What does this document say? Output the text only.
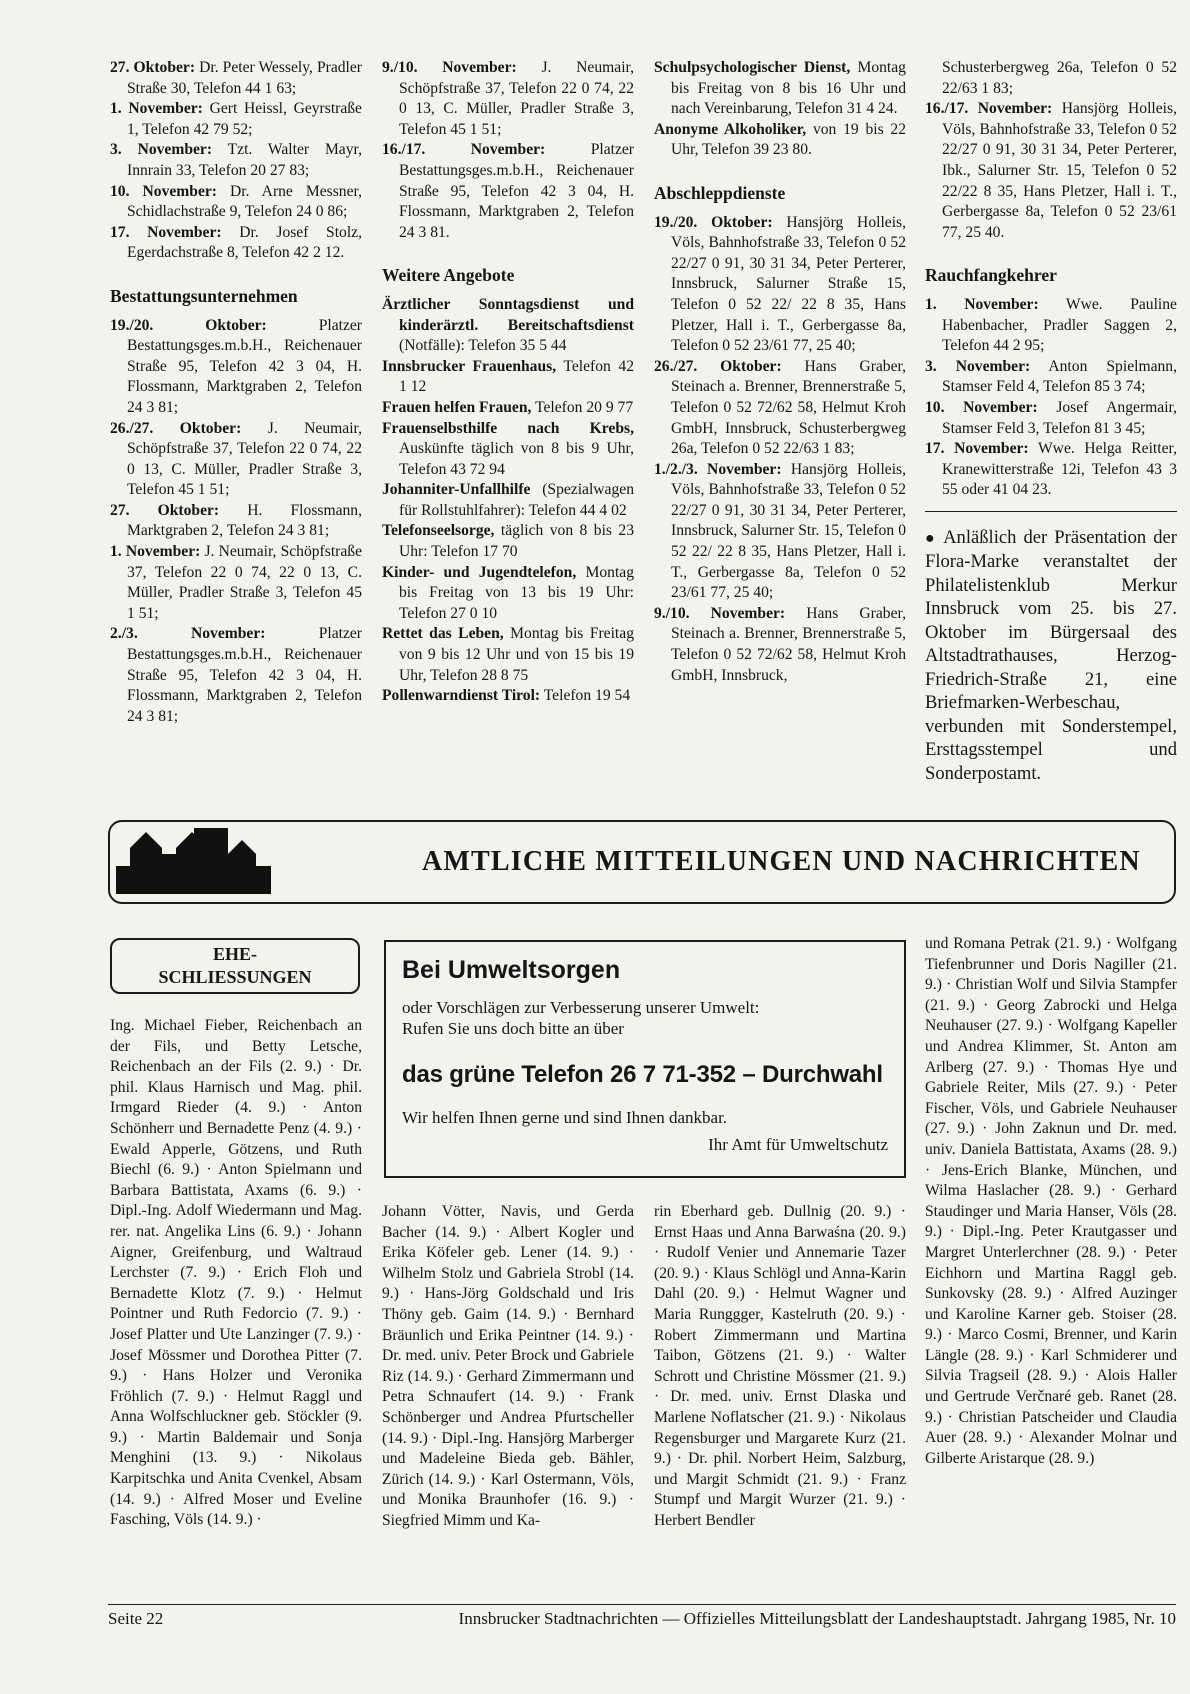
27. Oktober: Dr. Peter Wessely, Pradler Straße 30, Telefon 44 1 63;

1. November: Gert Heissl, Geyrstraße 1, Telefon 42 79 52;

3. November: Tzt. Walter Mayr, Innrain 33, Telefon 20 27 83;

10. November: Dr. Arne Messner, Schidlachstraße 9, Telefon 24 0 86;

17. November: Dr. Josef Stolz, Egerdachstraße 8, Telefon 42 2 12.

Bestattungsunternehmen

19./20. Oktober:	Platzer Bestattungsges.m.b.H., Reichenauer Straße 95, Telefon 42 3 04, H. Flossmann, Marktgraben 2, Telefon 24 3 81;

26./27. Oktober: J. Neumair, Schöpfstraße 37, Telefon 22 0 74, 22 0 13, C. Müller, Pradler Straße 3, Telefon 45 1 51;

27. Oktober: H. Flossmann, Marktgraben 2, Telefon 24 3 81;

1. November: J. Neumair, Schöpfstraße 37, Telefon 22 0 74, 22 0 13, C. Müller, Pradler Straße 3, Telefon 45 1 51;

2./3. November:	Platzer Bestattungsges.m.b.H., Reichenauer Straße 95, Telefon 42 3 04, H. Flossmann, Marktgraben 2, Telefon 24 3 81;

9./10. November: J. Neumair, Schöpfstraße 37, Telefon 22 0 74, 22 0 13, C. Müller, Pradler Straße 3, Telefon 45 1 51;

16./17. November:	Platzer Bestattungsges.m.b.H., Reichenauer Straße 95, Telefon 42 3 04, H. Flossmann, Marktgraben 2, Telefon 24 3 81.

Weitere Angebote

Ärztlicher Sonntagsdienst und kinderärztl. Bereitschaftsdienst (Notfälle): Telefon 35 5 44

Innsbrucker Frauenhaus, Telefon 42 1 12

Frauen helfen Frauen, Telefon 20 9 77

Frauenselbsthilfe nach Krebs, Auskünfte täglich von 8 bis 9 Uhr, Telefon 43 72 94

Johanniter-Unfallhilfe (Spezialwagen für Rollstuhlfahrer): Telefon 44 4 02

Telefonseelsorge, täglich von 8 bis 23 Uhr: Telefon 17 70

Kinder- und Jugendtelefon, Montag bis Freitag von 13 bis 19 Uhr: Telefon 27 0 10

Rettet das Leben, Montag bis Freitag von 9 bis 12 Uhr und von 15 bis 19 Uhr, Telefon 28 8 75

Pollenwarndienst Tirol: Telefon 19 54

Schulpsychologischer Dienst, Montag bis Freitag von 8 bis 16 Uhr und nach Vereinbarung, Telefon 31 4 24.

Anonyme Alkoholiker, von 19 bis 22 Uhr, Telefon 39 23 80.

Abschleppdienste

19./20. Oktober: Hansjörg Holleis, Völs, Bahnhofstraße 33, Telefon 0 52 22/27 0 91, 30 31 34, Peter Perterer, Innsbruck, Salurner Straße 15, Telefon 0 52 22/ 22 8 35, Hans Pletzer, Hall i. T., Gerbergasse 8a, Telefon 0 52 23/61 77, 25 40;

26./27. Oktober: Hans Graber, Steinach a. Brenner, Brennerstraße 5, Telefon 0 52 72/62 58, Helmut Kroh GmbH, Innsbruck, Schusterbergweg 26a, Telefon 0 52 22/63 1 83;

1./2./3. November: Hansjörg Holleis, Völs, Bahnhofstraße 33, Telefon 0 52 22/27 0 91, 30 31 34, Peter Perterer, Innsbruck, Salurner Str. 15, Telefon 0 52 22/ 22 8 35, Hans Pletzer, Hall i. T., Gerbergasse 8a, Telefon 0 52 23/61 77, 25 40;

9./10. November: Hans Graber, Steinach a. Brenner, Brennerstraße 5, Telefon 0 52 72/62 58, Helmut Kroh GmbH, Innsbruck,

Schusterbergweg 26a, Telefon 0 52 22/63 1 83;

16./17. November: Hansjörg Holleis, Völs, Bahnhofstraße 33, Telefon 0 52 22/27 0 91, 30 31 34, Peter Perterer, Ibk., Salurner Str. 15, Telefon 0 52 22/22 8 35, Hans Pletzer, Hall i. T., Gerbergasse 8a, Telefon 0 52 23/61 77, 25 40.

Rauchfangkehrer

1. November: Wwe. Pauline Habenbacher, Pradler Saggen 2, Telefon 44 2 95;

3. November: Anton Spielmann, Stamser Feld 4, Telefon 85 3 74;

10. November: Josef Angermair, Stamser Feld 3, Telefon 81 3 45;

17. November: Wwe. Helga Reitter, Kranewitterstraße 12i, Telefon 43 3 55 oder 41 04 23.

● Anläßlich der Präsentation der Flora-Marke veranstaltet der Philatelistenklub Merkur Innsbruck vom 25. bis 27. Oktober im Bürgersaal des Altstadtrathauses, Herzog-Friedrich-Straße 21, eine Briefmarken-Werbeschau, verbunden mit Sonderstempel, Ersttagsstempel und Sonderpostamt.

AMTLICHE MITTEILUNGEN UND NACHRICHTEN
EHE-
SCHLIESSUNGEN	Bei Umweltsorgen

oder Vorschlägen zur Verbesserung unserer Umwelt:

Rufen Sie uns doch bitte an über

das grüne Telefon 26 7 71-352 – Durchwahl

Wir helfen Ihnen gerne und sind Ihnen dankbar.

Ihr Amt für Umweltschutz

Ing. Michael Fieber, Reichenbach an der Fils, und Betty Letsche, Reichenbach an der Fils (2. 9.) · Dr. phil. Klaus Harnisch und Mag. phil. Irmgard Rieder (4. 9.) · Anton Schönherr und Bernadette Penz (4. 9.) · Ewald Apperle, Götzens, und Ruth Biechl (6. 9.) · Anton Spielmann und Barbara Battistata, Axams (6. 9.) · Dipl.-Ing. Adolf Wiedermann und Mag. rer. nat. Angelika Lins (6. 9.) · Johann Aigner, Greifenburg, und Waltraud Lerchster (7. 9.) · Erich Floh und Bernadette Klotz (7. 9.) · Helmut Pointner und Ruth Fedorcio (7. 9.) · Josef Platter und Ute Lanzinger (7. 9.) · Josef Mössmer und Dorothea Pitter (7. 9.) · Hans Holzer und Veronika Fröhlich (7. 9.) · Helmut Raggl und Anna Wolfschluckner geb. Stöckler (9. 9.) · Martin Baldemair und Sonja Menghini (13. 9.) · Nikolaus Karpitschka und Anita Cvenkel, Absam (14. 9.) · Alfred Moser und Eveline Fasching, Völs (14. 9.) ·

Johann Vötter, Navis, und Gerda Bacher (14. 9.) · Albert Kogler und Erika Köfeler geb. Lener (14. 9.) · Wilhelm Stolz und Gabriela Strobl (14. 9.) · Hans-Jörg Goldschald und Iris Thöny geb. Gaim (14. 9.) · Bernhard Bräunlich und Erika Peintner (14. 9.) · Dr. med. univ. Peter Brock und Gabriele Riz (14. 9.) · Gerhard Zimmermann und Petra Schnaufert (14. 9.) · Frank Schönberger und Andrea Pfurtscheller (14. 9.) · Dipl.-Ing. Hansjörg Marberger und Madeleine Bieda geb. Bähler, Zürich (14. 9.) · Karl Ostermann, Völs, und Monika Braunhofer (16. 9.) · Siegfried Mimm und Ka-

rin Eberhard geb. Dullnig (20. 9.) · Ernst Haas und Anna Barwaśna (20. 9.) · Rudolf Venier und Annemarie Tazer (20. 9.) · Klaus Schlögl und Anna-Karin Dahl (20. 9.) · Helmut Wagner und Maria Runggger, Kastelruth (20. 9.) · Robert Zimmermann und Martina Taibon, Götzens (21. 9.) · Walter Schrott und Christine Mössmer (21. 9.) · Dr. med. univ. Ernst Dlaska und Marlene Noflatscher (21. 9.) · Nikolaus Regensburger und Margarete Kurz (21. 9.) · Dr. phil. Norbert Heim, Salzburg, und Margit Schmidt (21. 9.) · Franz Stumpf und Margit Wurzer (21. 9.) · Herbert Bendler

und Romana Petrak (21. 9.) · Wolfgang Tiefenbrunner und Doris Nagiller (21. 9.) · Christian Wolf und Silvia Stampfer (21. 9.) · Georg Zabrocki und Helga Neuhauser (27. 9.) · Wolfgang Kapeller und Andrea Klimmer, St. Anton am Arlberg (27. 9.) · Thomas Hye und Gabriele Reiter, Mils (27. 9.) · Peter Fischer, Völs, und Gabriele Neuhauser (27. 9.) · John Zaknun und Dr. med. univ. Daniela Battistata, Axams (28. 9.) · Jens-Erich Blanke, München, und Wilma Haslacher (28. 9.) · Gerhard Staudinger und Maria Hanser, Völs (28. 9.) · Dipl.-Ing. Peter Krautgasser und Margret Unterlerchner (28. 9.) · Peter Eichhorn und Martina Raggl geb. Sunkovsky (28. 9.) · Alfred Auzinger und Karoline Karner geb. Stoiser (28. 9.) · Marco Cosmi, Brenner, und Karin Längle (28. 9.) · Karl Schmiderer und Silvia Tragseil (28. 9.) · Alois Haller und Gertrude Verčnaré geb. Ranet (28. 9.) · Christian Patscheider und Claudia Auer (28. 9.) · Alexander Molnar und Gilberte Aristarque (28. 9.)

Seite 22	Innsbrucker Stadtnachrichten — Offizielles Mitteilungsblatt der Landeshauptstadt. Jahrgang 1985, Nr. 10
